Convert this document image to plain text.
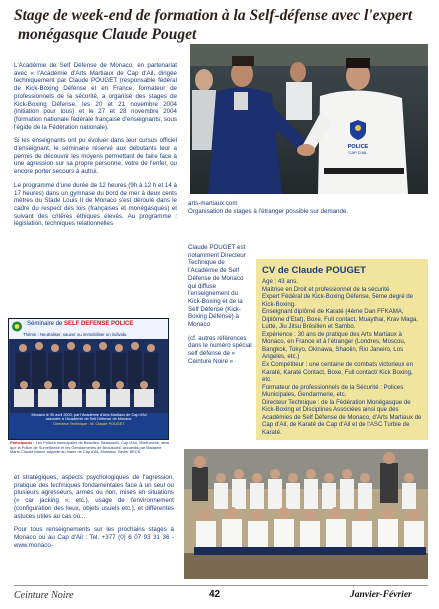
Stage de week-end de formation à la Self-défense avec l'expert
monégasque Claude Pouget
POLICE
CAP D'AIL

L'Académie de Self Défense de Monaco, en partenariat avec « l'Académie d'Arts Martiaux de Cap d'Ail, dirigée techniquement par Claude POUGET (responsable fédéral de Kick-Boxing Défense et en France, formateur de professionnels de la sécurité, a organisé des stages de Kick-Boxing Défense, les 20 et 21 novembre 2004 (initiation pour tous) et le 27 et 28 novembre 2004 (formation nationale fédérale française d'enseignants, sous l'égide de la Fédération nationale).

Si les enseignants ont pu évoluer dans leur cursus officiel d'enseignant, le séminaire réservé aux débutants leur a permis de découvrir les moyens permettant de faire face à une agression sur sa propre personne, votre de l'enfer, ou encore porter secours à autrui.

Le programme d'une durée de 12 heures (9h à 12 h et 14 à 17 heures) dans un gymnase du bord de mer à deux cents mètres du Stade Louis II de Monaco s'est déroulé dans le cadre du respect des lois (françaises et monégasques) et suivant des critères éthiques élevés. Au programme : législation, techniques relationnelles

arts-martiaux.com

Organisation de stages à l'étranger possible sur demande.

Claude POUGET est notamment Directeur Technique de l'Académie de Self Défense de Monaco qui diffuse l'enseignement du Kick-Boxing et de la Self Défense (Kick-Boxing Défense) à Monaco

(cf. autres références dans le numéro spécial self défense de « Ceinture Noire »

CV de Claude POUGET

Age : 43 ans.

Maîtrise en Droit et professionnel de la sécurité.

Expert Fédéral de Kick-Boxing Défense, 5ème degré de Kick-Boxing.

Enseignant diplômé de Karaté (4ème Dan FFKAMA, Diplôme d'Etat), Boxe, Full contact, Muaythai, Krav Maga, Lutte, Jiu Jitsu Brésilien et Sambo.

Expérience : 30 ans de pratique des Arts Martiaux à Monaco, en France et à l'étranger (Londres, Moscou, Bangkok, Tokyo, Okinawa, Shaolin, Rio Janeiro, Los Angeles, etc.)

Ex Compétiteur : une centaine de combats victorieux en Karaté, Karaté Contact, Boxe, Full contact/ Kick Boxing, etc.

Formateur de professionnels de la Sécurité : Polices Municipales, Gendarmerie, etc.

Directeur Technique : de la Fédération Monégasque de Kick-Boxing et Disciplines Associées ainsi que des Académies de Self Défense de Monaco, d'Arts Martiaux de Cap d'Ail, de Karaté de Cap d'Ail et de l'ASC Turbie de Karaté.

Séminaire de SELF DEFENSE POLICE
Thème : Neutraliser, sauver ou immobiliser un individu
Monaco le 30 avril 2003, par l'Académie d'Arts Martiaux de Cap d'Ail
associée à l'Académie de Self Défense de Monaco.
Directeur Technique : M. Claude POUGET
Participants : Les Polices municipales de Beaulieu, Beausoleil, Cap d'Ail, Villefranche, ainsi que la Police de Surveillance et les Gendarmeries de Beausoleil, accueillis par Madame Marie-Claude Mauro adjointe au maire de Cap d'Ail, Monsieur Xavier BECK.

et stratégiques, aspects psychologiques de l'agression, pratique des techniques fondamentales face à un seul ou plusieurs agresseurs, armés ou non, mises en situations (« car jacking », etc.), usage de l'environnement (configuration des lieux, objets usuels etc.), et différentes astuces utiles au cas où...

Pour tous renseignements sur les prochains stages à Monaco ou au Cap d'Ail : Tel. +377 (0) 6 07 93 31 36 - www.monaco-

Ceinture Noire	42	Janvier-Février
